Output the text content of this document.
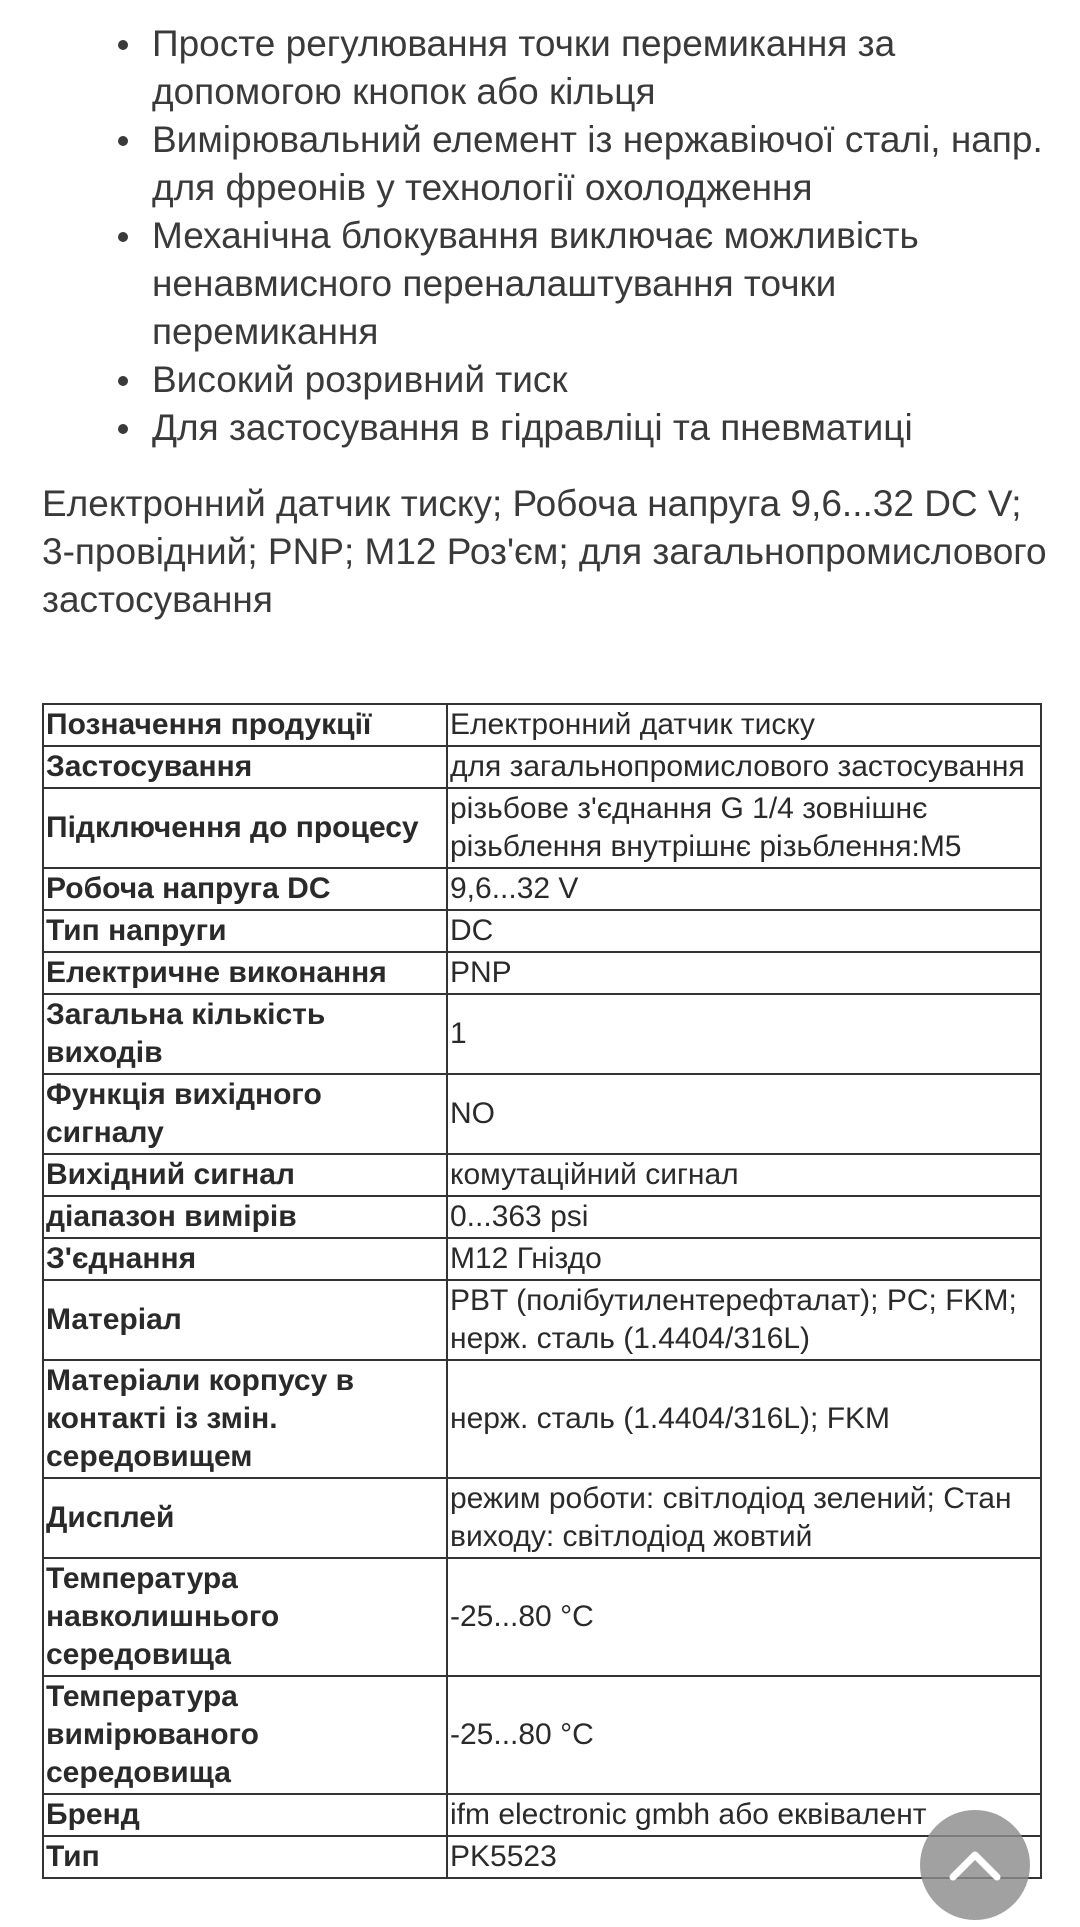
Просте регулювання точки перемикання за допомогою кнопок або кільця
Вимірювальний елемент із нержавіючої сталі, напр. для фреонів у технології охолодження
Механічна блокування виключає можливість ненавмисного переналаштування точки перемикання
Високий розривний тиск
Для застосування в гідравліці та пневматиці
Електронний датчик тиску; Робоча напруга 9,6...32 DC V; 3-провідний; PNP; M12 Роз'єм; для загальнопромислового застосування
Позначення продукції	Електронний датчик тиску
Застосування	для загальнопромислового застосування
Підключення до процесу	різьбове з'єднання G 1/4 зовнішнє різьблення внутрішнє різьблення:M5
Робоча напруга DC	9,6...32 V
Тип напруги	DC
Електричне виконання	PNP
Загальна кількість виходів	1
Функція вихідного сигналу	NO
Вихідний сигнал	комутаційний сигнал
діапазон вимірів	0...363 psi
З'єднання	M12 Гніздо
Матеріал	PBT (полібутилентерефталат); PC; FKM; нерж. сталь (1.4404/316L)
Матеріали корпусу в контакті із змін. середовищем	нерж. сталь (1.4404/316L); FKM
Дисплей	режим роботи: світлодіод зелений; Стан виходу: світлодіод жовтий
Температура навколишнього середовища	-25...80 °C
Температура вимірюваного середовища	-25...80 °C
Бренд	ifm electronic gmbh або еквівалент
Тип	PK5523
